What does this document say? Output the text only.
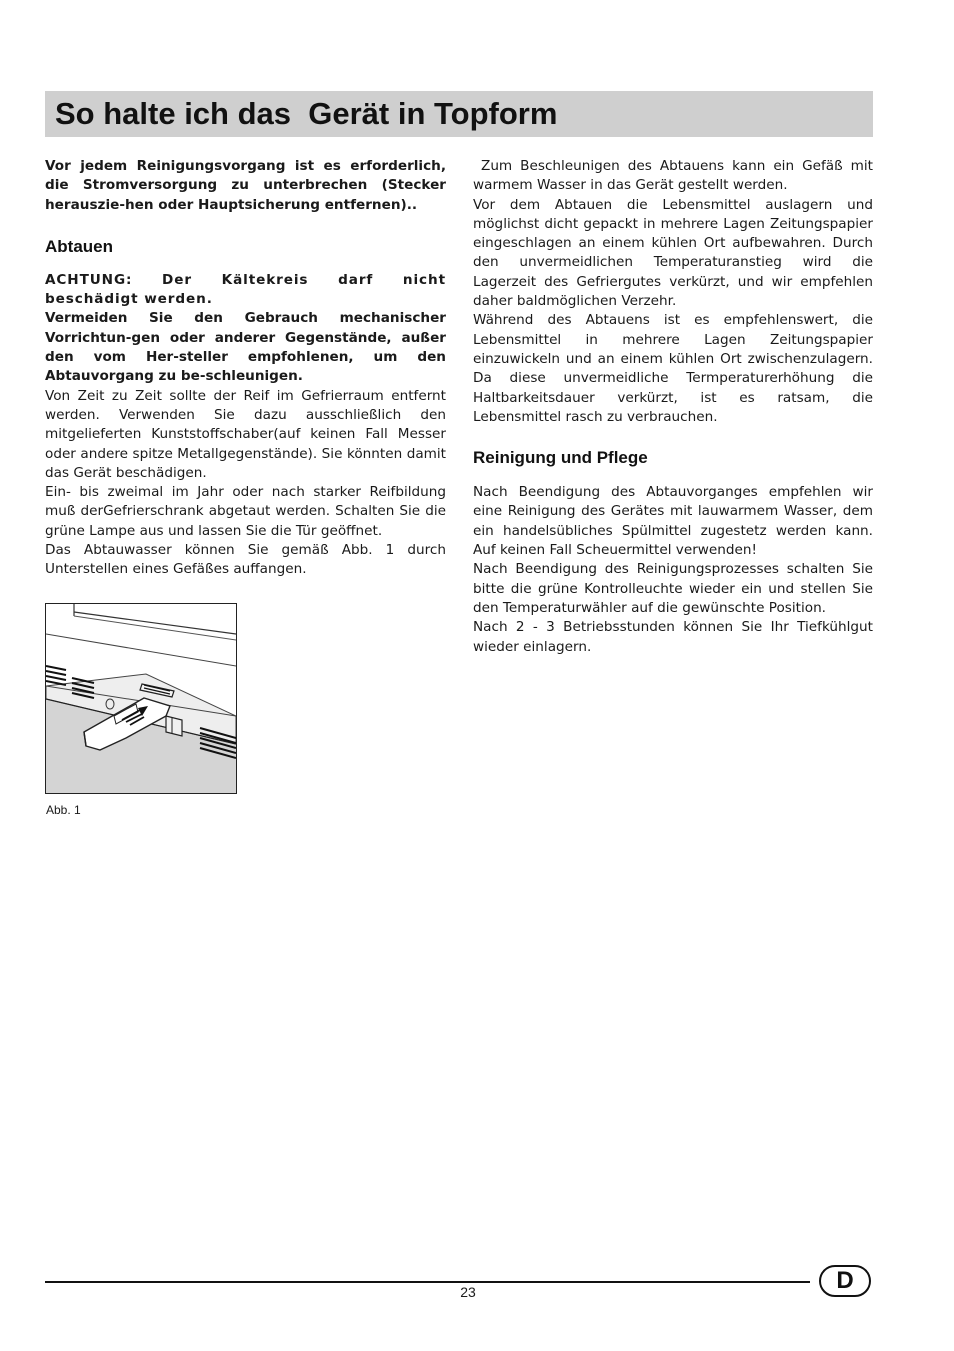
So halte ich das  Gerät in Topform

Vor jedem Reinigungsvorgang ist es erforderlich, die Stromversorgung zu unterbrechen (Stecker herauszie-hen oder Hauptsicherung entfernen)..

Abtauen

ACHTUNG: Der Kältekreis darf nicht beschädigt werden.

Vermeiden Sie den Gebrauch mechanischer Vorrichtun-gen oder anderer Gegenstände, außer den vom Her-steller empfohlenen, um den Abtauvorgang zu be-schleunigen.

Von Zeit zu Zeit sollte der Reif im Gefrierraum entfernt werden. Verwenden Sie dazu ausschließlich den mitgelieferten Kunststoffschaber(auf keinen Fall Messer oder andere spitze Metallgegenstände). Sie könnten damit das Gerät beschädigen.

Ein- bis zweimal im Jahr oder nach starker Reifbildung muß derGefrierschrank abgetaut werden. Schalten Sie die grüne Lampe aus und lassen Sie die Tür geöffnet.

Das Abtauwasser können Sie gemäß Abb. 1 durch Unterstellen eines Gefäßes auffangen.

Abb. 1

Zum Beschleunigen des Abtauens kann ein Gefäß mit warmem Wasser in das Gerät gestellt werden.

Vor dem Abtauen die Lebensmittel auslagern und möglichst dicht gepackt in mehrere Lagen Zeitungspapier eingeschlagen an einem kühlen Ort aufbewahren. Durch den unvermeidlichen Temperaturanstieg wird die Lagerzeit des Gefriergutes verkürzt, und wir empfehlen daher baldmöglichen Verzehr.

Während des Abtauens ist es empfehlenswert, die Lebensmittel in mehrere Lagen Zeitungspapier einzuwickeln und an einem kühlen Ort zwischenzulagern. Da diese unvermeidliche Termperaturerhöhung die Haltbarkeitsdauer verkürzt, ist es ratsam, die Lebensmittel rasch zu verbrauchen.

Reinigung und Pflege

Nach Beendigung des Abtauvorganges empfehlen wir eine Reinigung des Gerätes mit lauwarmem Wasser, dem ein handelsübliches Spülmittel zugestetz werden kann. Auf keinen Fall Scheuermittel verwenden!

Nach Beendigung des Reinigungsprozesses schalten Sie bitte die grüne Kontrolleuchte wieder ein und stellen Sie den Temperaturwähler auf die gewünschte Position.

Nach 2 - 3 Betriebsstunden können Sie Ihr Tiefkühlgut wieder einlagern.

23	D
